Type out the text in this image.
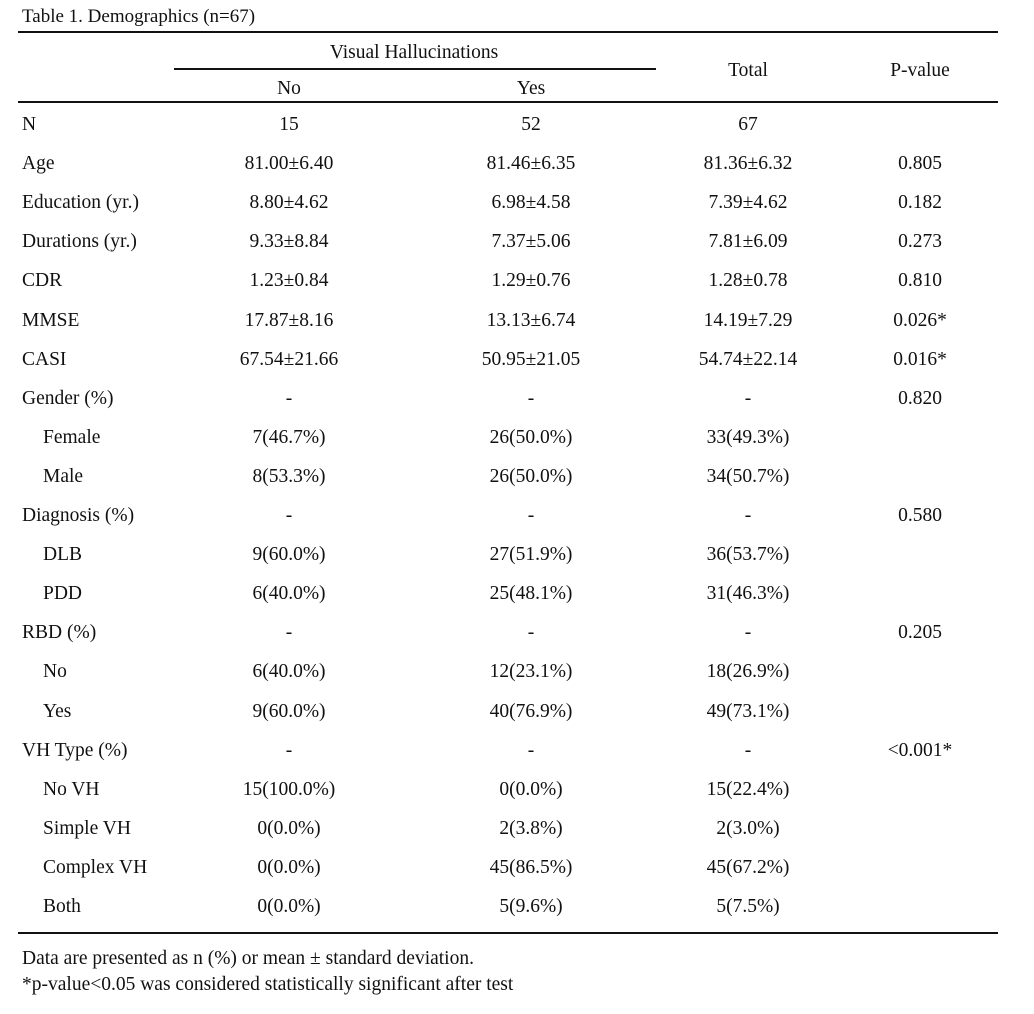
Table 1. Demographics (n=67)
Visual Hallucinations
No	Yes
Total	P-value
N	15	52	67
Age	81.00±6.40	81.46±6.35	81.36±6.32	0.805
Education (yr.)	8.80±4.62	6.98±4.58	7.39±4.62	0.182
Durations (yr.)	9.33±8.84	7.37±5.06	7.81±6.09	0.273
CDR	1.23±0.84	1.29±0.76	1.28±0.78	0.810
MMSE	17.87±8.16	13.13±6.74	14.19±7.29	0.026*
CASI	67.54±21.66	50.95±21.05	54.74±22.14	0.016*
Gender (%)	-	-	-	0.820
Female	7(46.7%)	26(50.0%)	33(49.3%)
Male	8(53.3%)	26(50.0%)	34(50.7%)
Diagnosis (%)	-	-	-	0.580
DLB	9(60.0%)	27(51.9%)	36(53.7%)
PDD	6(40.0%)	25(48.1%)	31(46.3%)
RBD (%)	-	-	-	0.205
No	6(40.0%)	12(23.1%)	18(26.9%)
Yes	9(60.0%)	40(76.9%)	49(73.1%)
VH Type (%)	-	-	-	<0.001*
No VH	15(100.0%)	0(0.0%)	15(22.4%)
Simple VH	0(0.0%)	2(3.8%)	2(3.0%)
Complex VH	0(0.0%)	45(86.5%)	45(67.2%)
Both	0(0.0%)	5(9.6%)	5(7.5%)
Data are presented as n (%) or mean ± standard deviation.
*p-value<0.05 was considered statistically significant after test
